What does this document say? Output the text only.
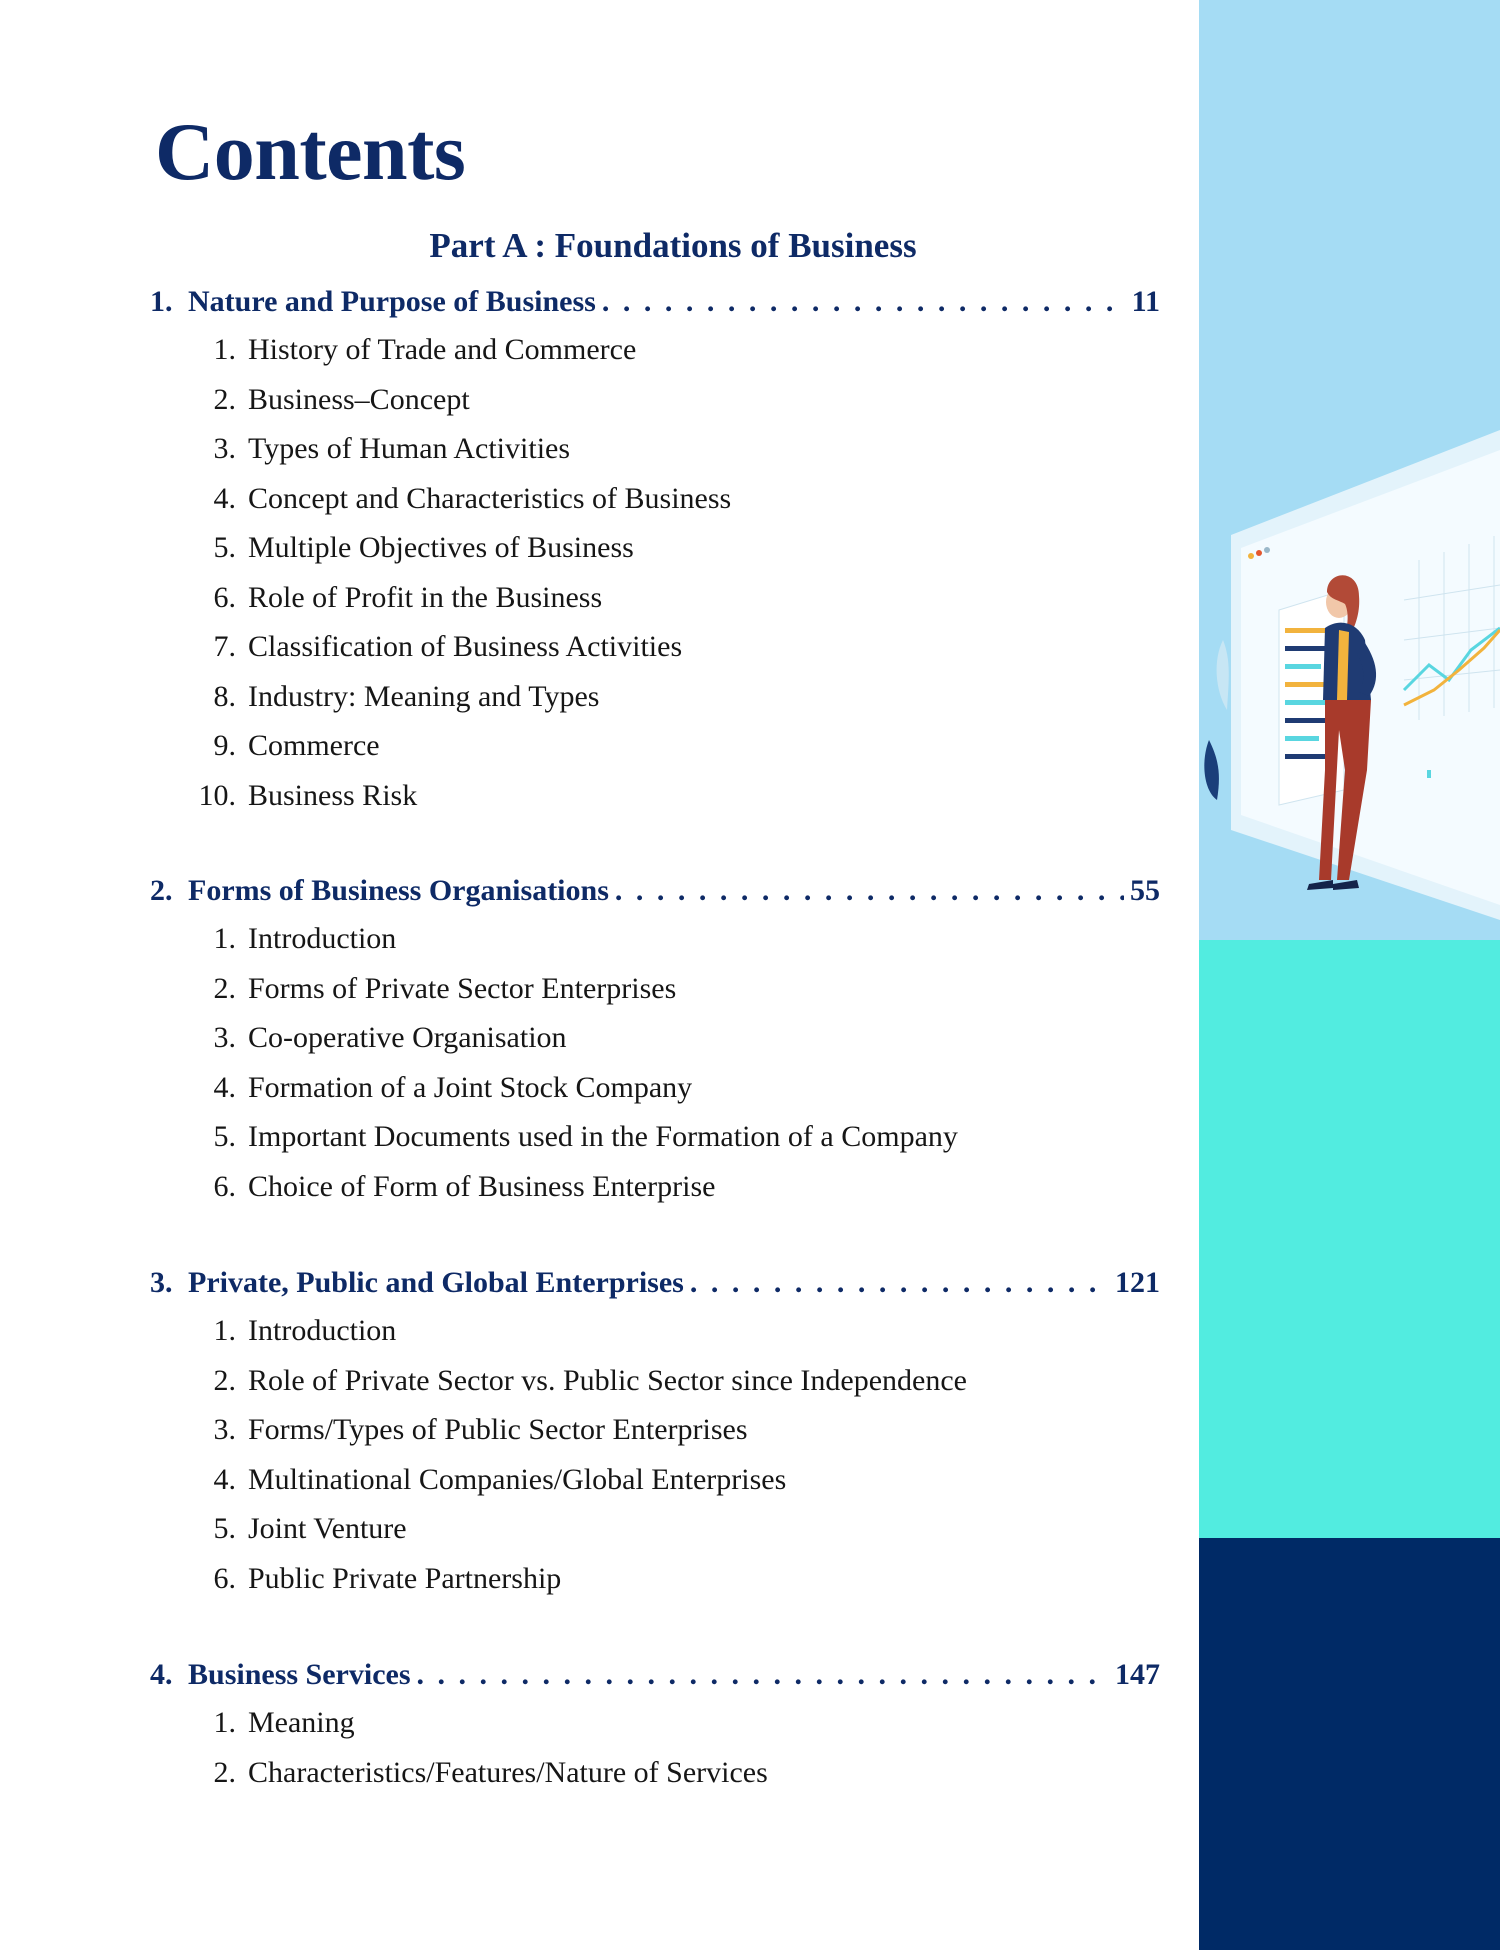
Contents
Part A : Foundations of Business
1. Nature and Purpose of Business . . .	11
1. History of Trade and Commerce
2. Business–Concept
3. Types of Human Activities
4. Concept and Characteristics of Business
5. Multiple Objectives of Business
6. Role of Profit in the Business
7. Classification of Business Activities
8. Industry: Meaning and Types
9. Commerce
10. Business Risk
2. Forms of Business Organisations . . .	55
1. Introduction
2. Forms of Private Sector Enterprises
3. Co-operative Organisation
4. Formation of a Joint Stock Company
5. Important Documents used in the Formation of a Company
6. Choice of Form of Business Enterprise
3. Private, Public and Global Enterprises . . .	121
1. Introduction
2. Role of Private Sector vs. Public Sector since Independence
3. Forms/Types of Public Sector Enterprises
4. Multinational Companies/Global Enterprises
5. Joint Venture
6. Public Private Partnership
4. Business Services . . .	147
1. Meaning
2. Characteristics/Features/Nature of Services
